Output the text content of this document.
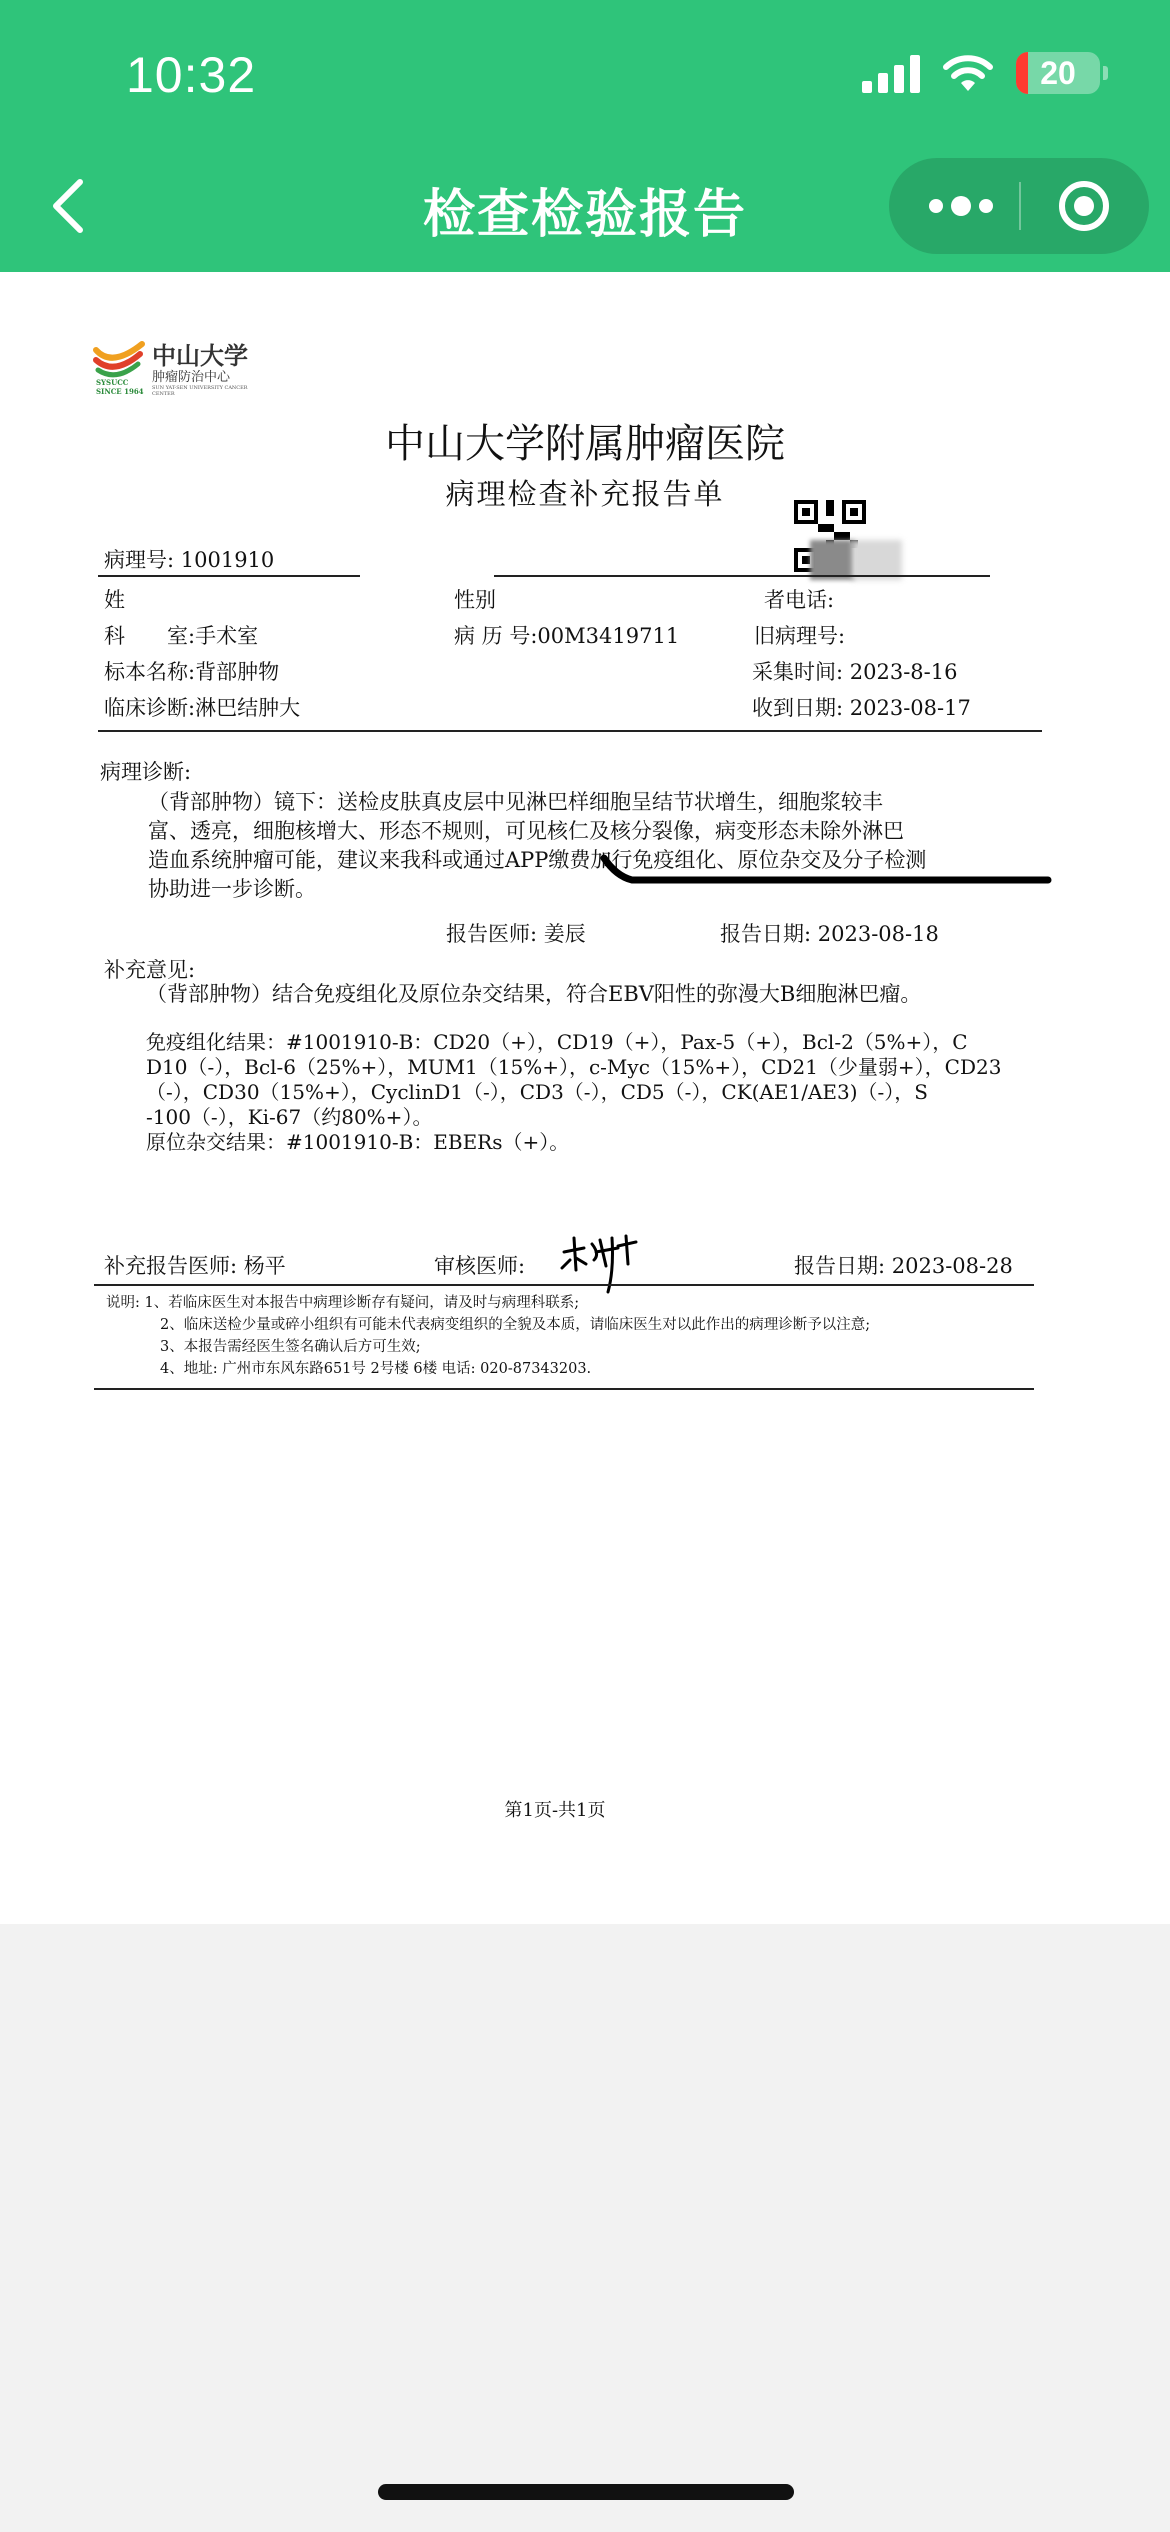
10:32	20
检查检验报告
SYSUCC
SINCE 1964
中山大学
肿瘤防治中心
SUN YAT-SEN UNIVERSITY CANCER CENTER
中山大学附属肿瘤医院
病理检查补充报告单
病理号: 1001910
姓	性别	者电话:
科　　室:手术室	病 历 号:00M3419711	旧病理号:
标本名称:背部肿物	采集时间: 2023-8-16
临床诊断:淋巴结肿大	收到日期: 2023-08-17
病理诊断:
（背部肿物）镜下：送检皮肤真皮层中见淋巴样细胞呈结节状增生，细胞浆较丰
富、透亮，细胞核增大、形态不规则，可见核仁及核分裂像，病变形态未除外淋巴
造血系统肿瘤可能，建议来我科或通过APP缴费加行免疫组化、原位杂交及分子检测
协助进一步诊断。
报告医师: 姜辰	报告日期: 2023-08-18
补充意见:
（背部肿物）结合免疫组化及原位杂交结果，符合EBV阳性的弥漫大B细胞淋巴瘤。
免疫组化结果：#1001910-B：CD20（+），CD19（+），Pax-5（+），Bcl-2（5%+），C
D10（-），Bcl-6（25%+），MUM1（15%+），c-Myc（15%+），CD21（少量弱+），CD23
（-），CD30（15%+），CyclinD1（-），CD3（-），CD5（-），CK(AE1/AE3)（-），S
-100（-），Ki-67（约80%+）。
原位杂交结果：#1001910-B：EBERs（+）。
补充报告医师: 杨平	审核医师:	报告日期: 2023-08-28
说明: 1、若临床医生对本报告中病理诊断存有疑问，请及时与病理科联系;
2、临床送检少量或碎小组织有可能未代表病变组织的全貌及本质，请临床医生对以此作出的病理诊断予以注意;
3、本报告需经医生签名确认后方可生效;
4、地址: 广州市东风东路651号 2号楼 6楼 电话: 020-87343203.
第1页-共1页
